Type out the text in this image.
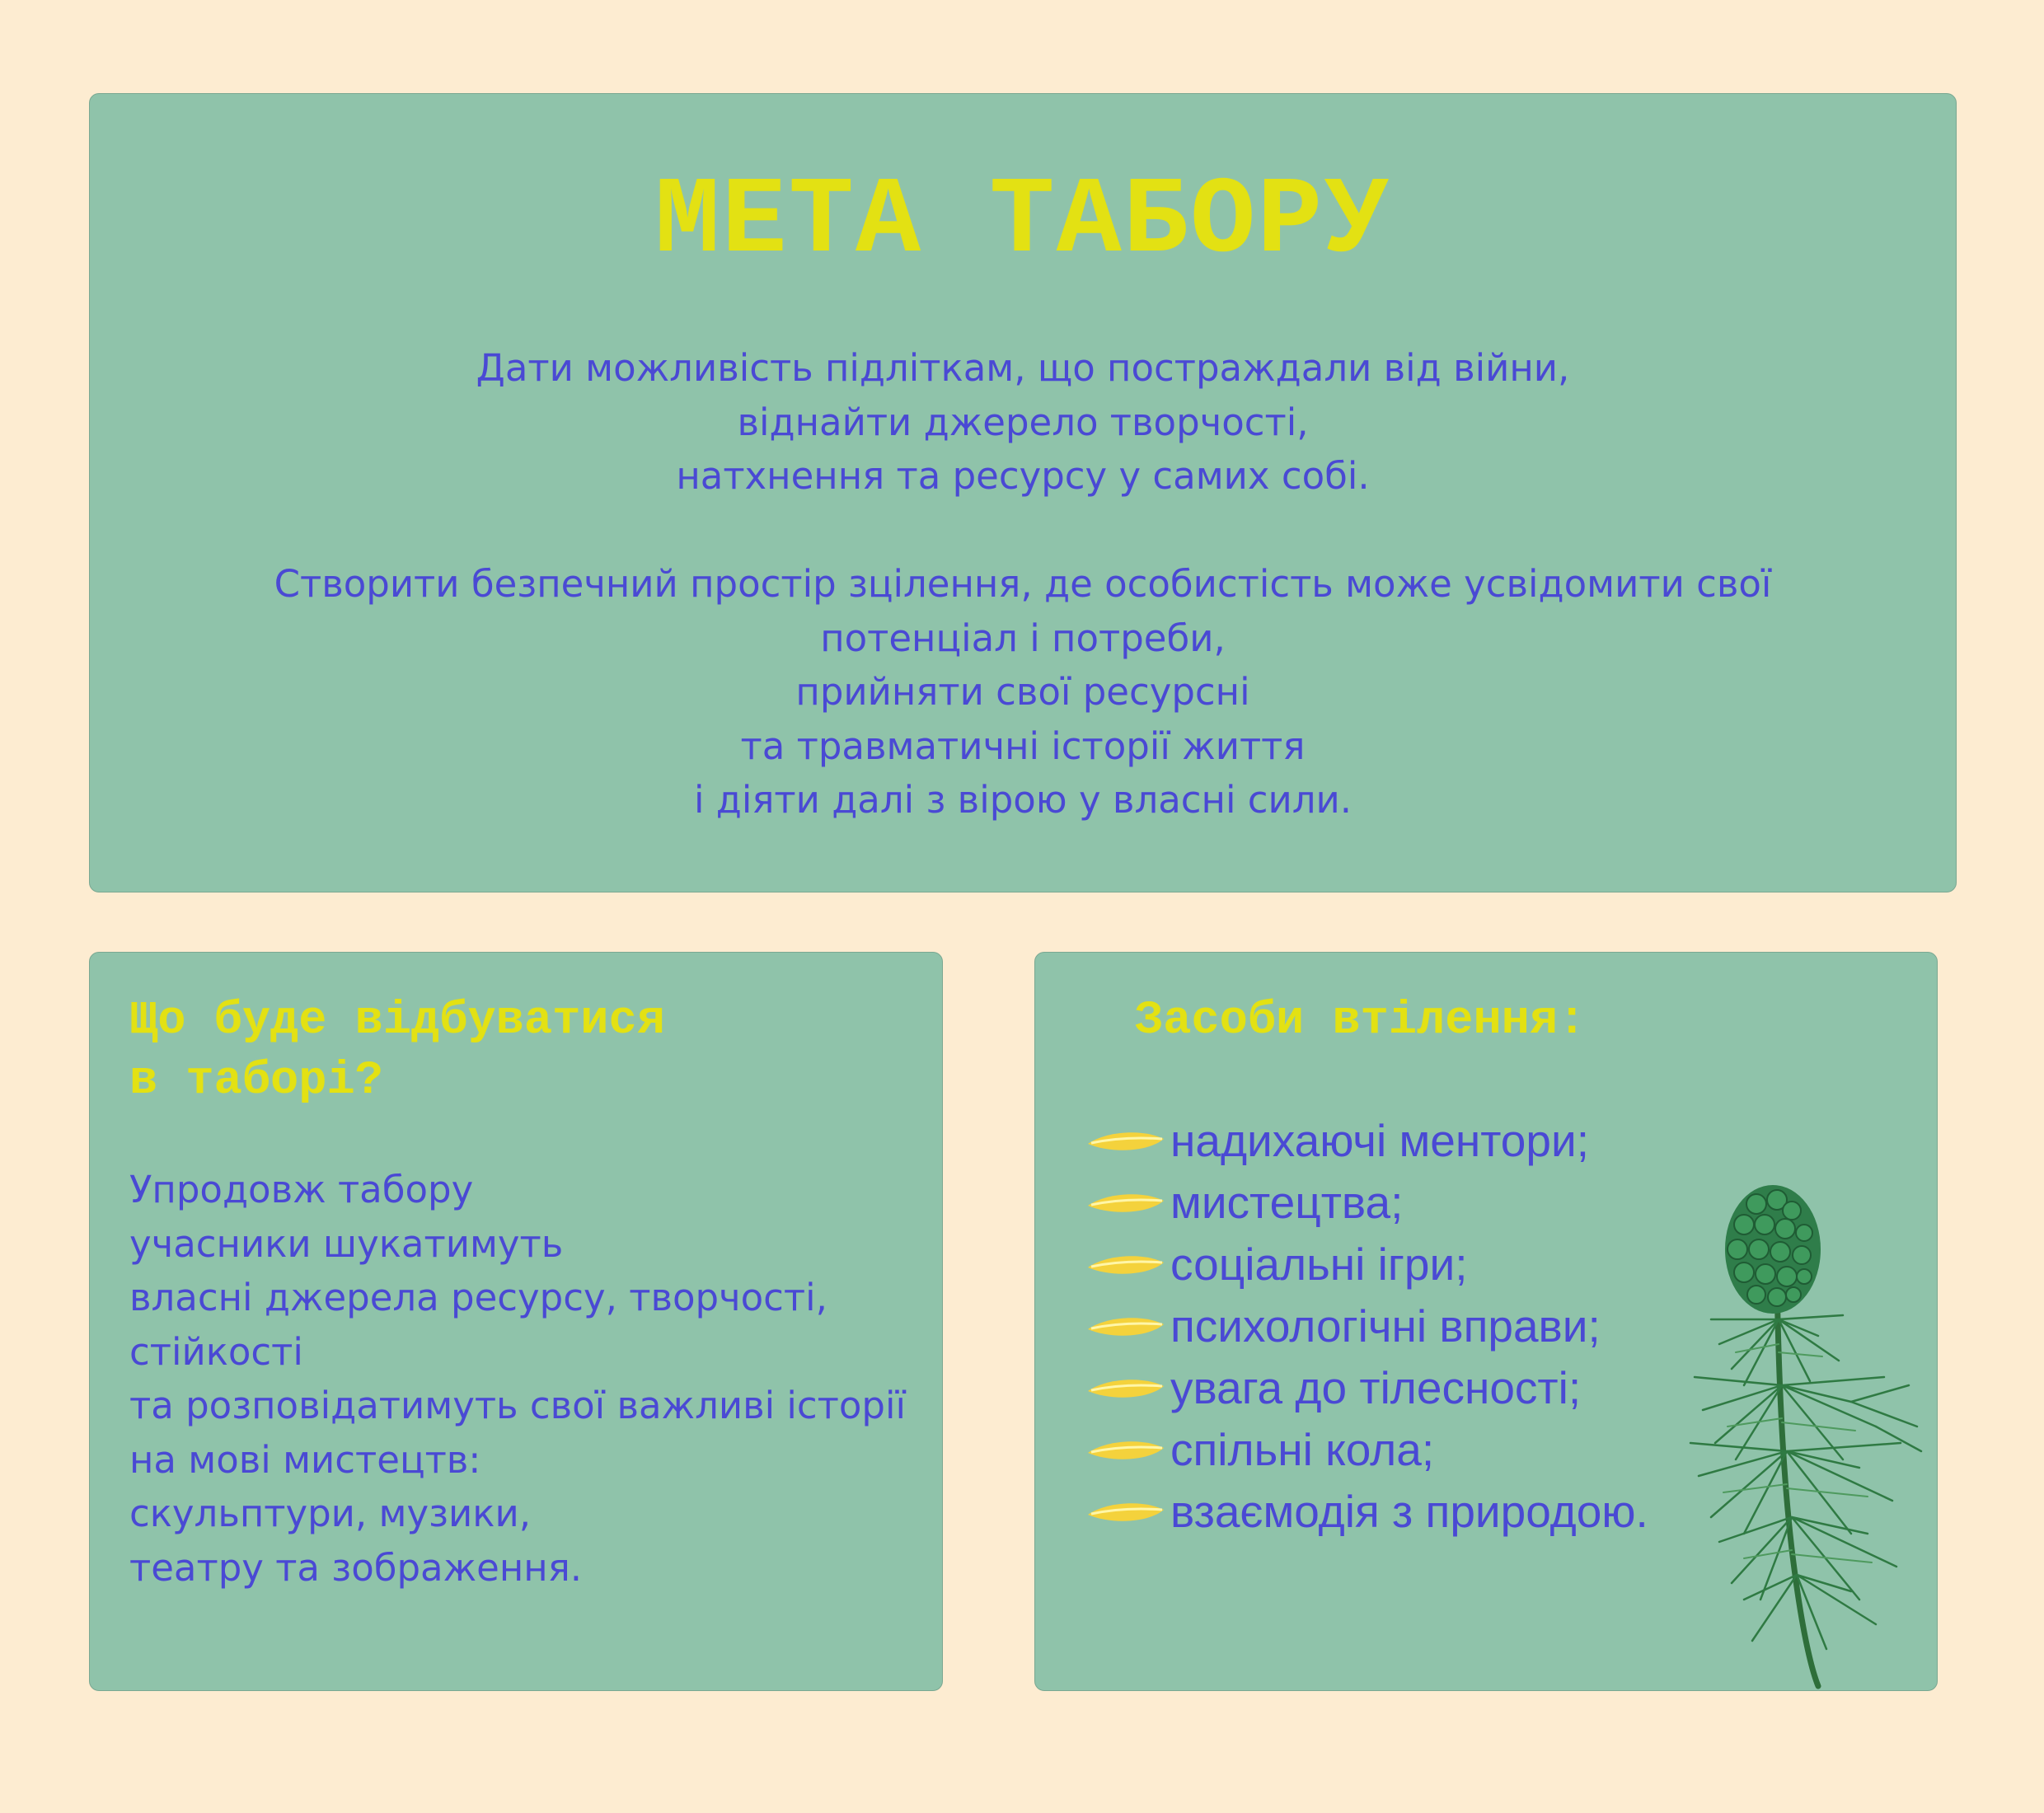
МЕТА ТАБОРУ
Дати можливість підліткам, що постраждали від війни,
віднайти джерело творчості,
натхнення та ресурсу у самих собі.
Створити безпечний простір зцілення, де особистість може усвідомити свої
потенціал і потреби,
прийняти свої ресурсні
та травматичні історії життя
і діяти далі з вірою у власні сили.
Що буде відбуватися
в таборі?
Упродовж табору
учасники шукатимуть
власні джерела ресурсу, творчості,
стійкості
та розповідатимуть свої важливі історії
на мові мистецтв:
скульптури, музики,
театру та зображення.
Засоби втілення:
надихаючі ментори;
мистецтва;
соціальні ігри;
психологічні вправи;
увага до тілесності;
спільні кола;
взаємодія з природою.
